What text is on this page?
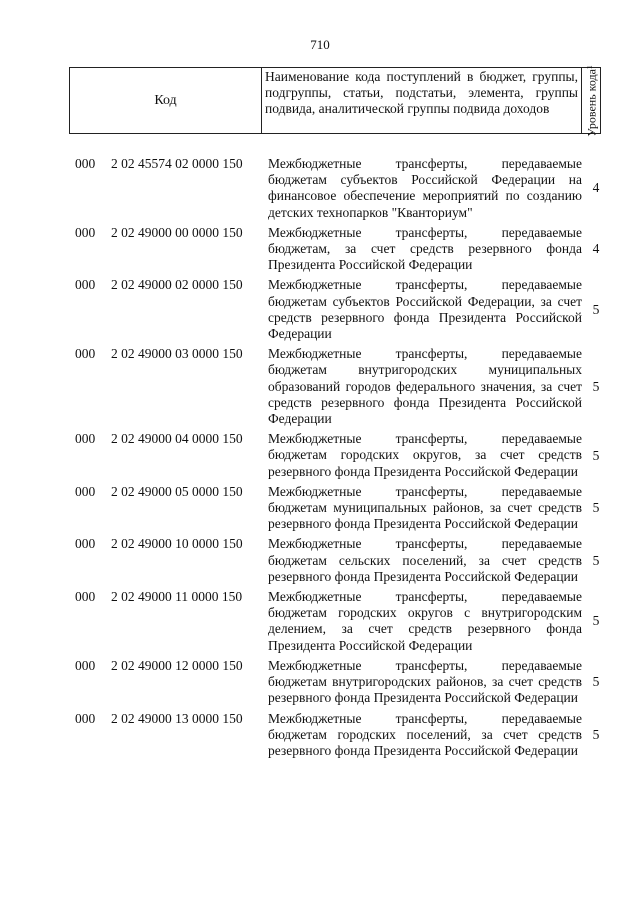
710
Код
Наименование кода поступлений в бюджет, группы, подгруппы, статьи, подстатьи, элемента, группы подвида, аналитической группы подвида доходов	Уровень кода¹
000 2 02 45574 02 0000 150 Межбюджетные трансферты, передаваемые бюджетам субъектов Российской Федерации на финансовое обеспечение мероприятий по созданию детских технопарков "Кванториум"
4
000 2 02 49000 00 0000 150 Межбюджетные трансферты, передаваемые бюджетам, за счет средств резервного фонда Президента Российской Федерации
4
000 2 02 49000 02 0000 150 Межбюджетные трансферты, передаваемые бюджетам субъектов Российской Федерации, за счет средств резервного фонда Президента Российской Федерации
5
000 2 02 49000 03 0000 150 Межбюджетные трансферты, передаваемые бюджетам внутригородских муниципальных образований городов федерального значения, за счет средств резервного фонда Президента Российской Федерации
5
000 2 02 49000 04 0000 150 Межбюджетные трансферты, передаваемые бюджетам городских округов, за счет средств резервного фонда Президента Российской Федерации
5
000 2 02 49000 05 0000 150 Межбюджетные трансферты, передаваемые бюджетам муниципальных районов, за счет средств резервного фонда Президента Российской Федерации
5
000 2 02 49000 10 0000 150 Межбюджетные трансферты, передаваемые бюджетам сельских поселений, за счет средств резервного фонда Президента Российской Федерации
5
000 2 02 49000 11 0000 150 Межбюджетные трансферты, передаваемые бюджетам городских округов с внутригородским делением, за счет средств резервного фонда Президента Российской Федерации
5
000 2 02 49000 12 0000 150 Межбюджетные трансферты, передаваемые бюджетам внутригородских районов, за счет средств резервного фонда Президента Российской Федерации
5
000 2 02 49000 13 0000 150 Межбюджетные трансферты, передаваемые бюджетам городских поселений, за счет средств резервного фонда Президента Российской Федерации
5
